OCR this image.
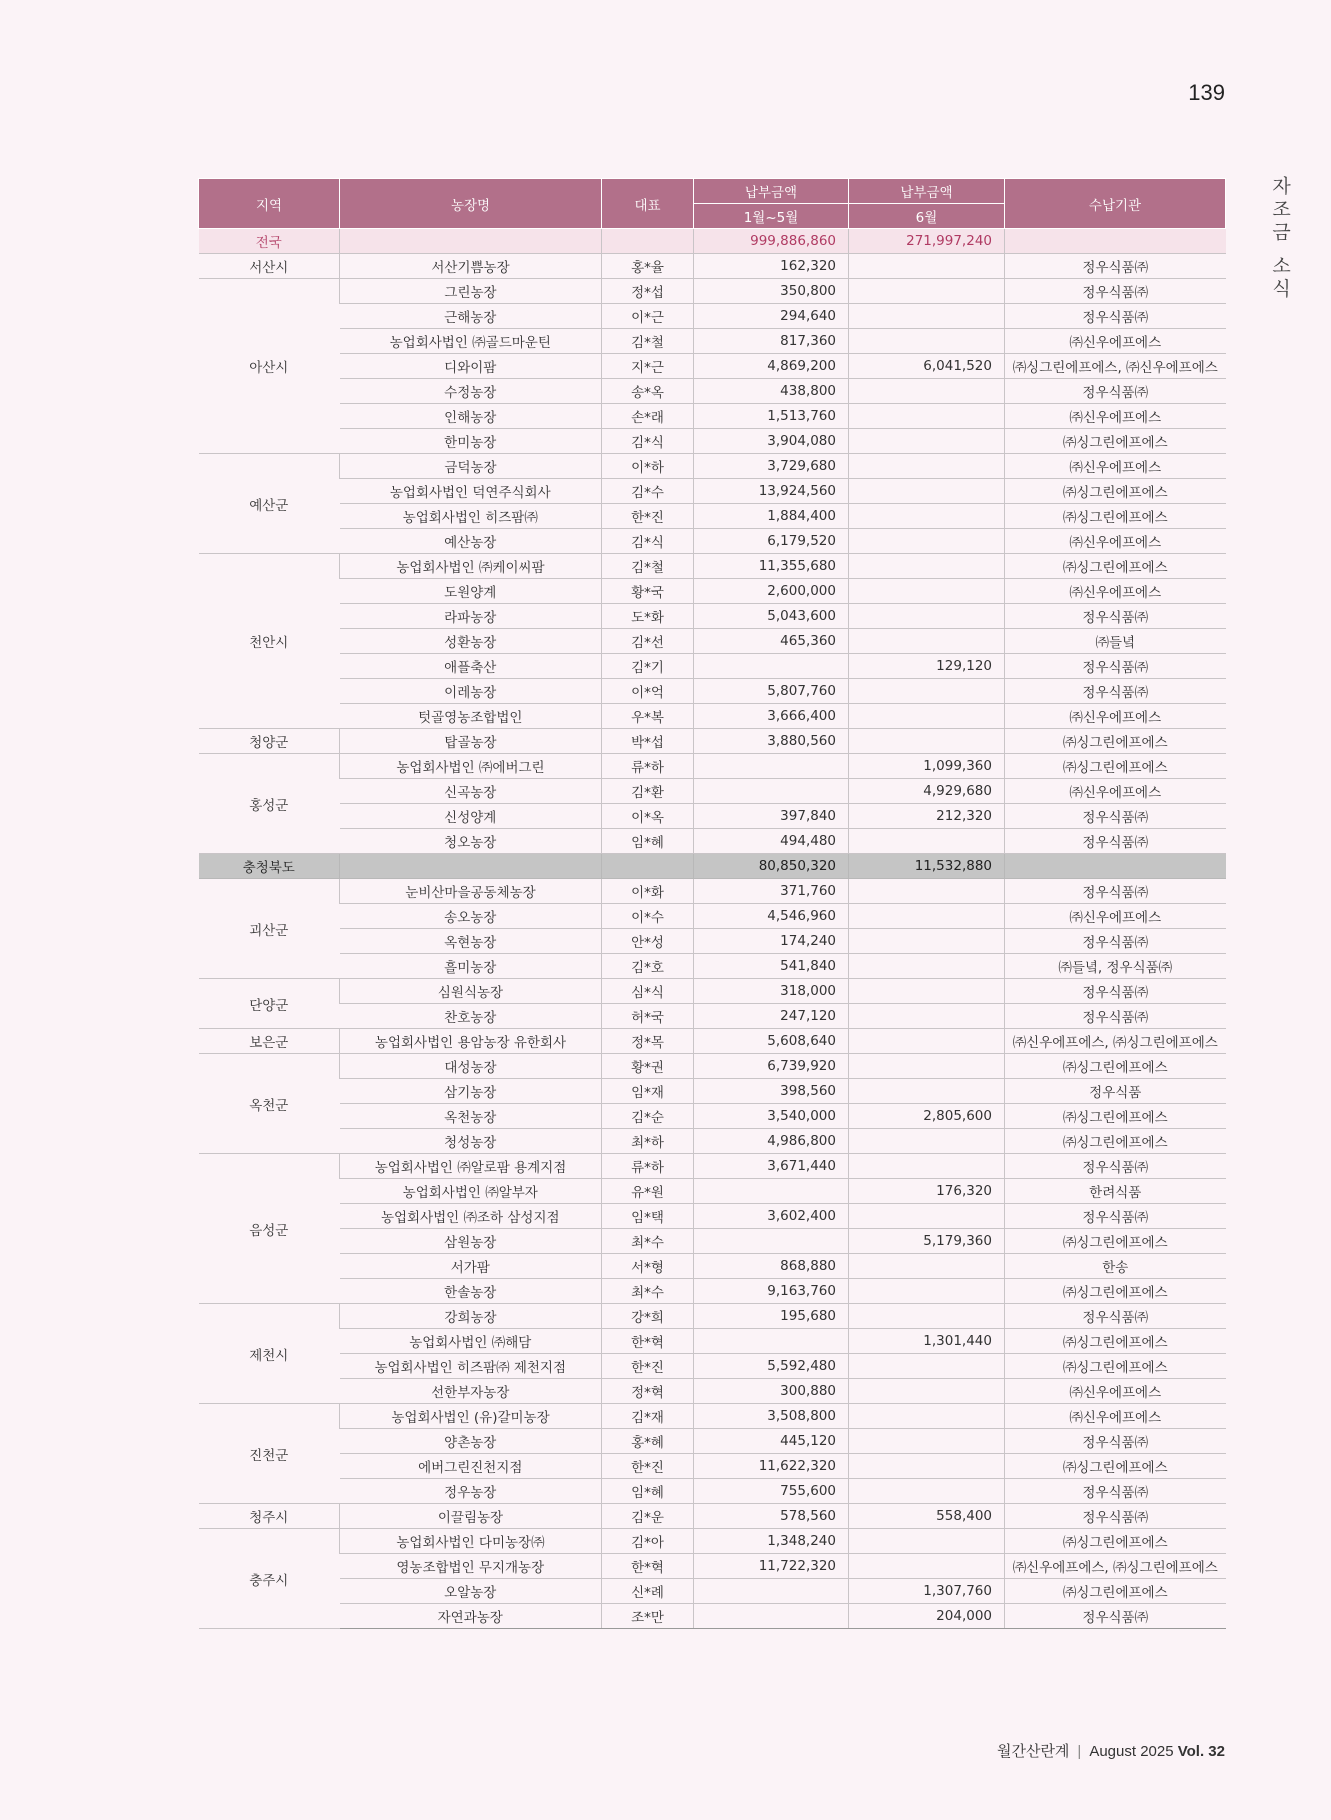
139
자조금 소식
지역	농장명	대표	납부금액	납부금액	수납기관
			1월~5월	6월	
전국			999,886,860	271,997,240	
서산시	서산기쁨농장	홍*율	162,320		정우식품㈜
아산시	그린농장	정*섭	350,800		정우식품㈜
	근해농장	이*근	294,640		정우식품㈜
	농업회사법인 ㈜골드마운틴	김*철	817,360		㈜신우에프에스
	디와이팜	지*근	4,869,200	6,041,520	㈜싱그린에프에스, ㈜신우에프에스
	수정농장	송*옥	438,800		정우식품㈜
	인해농장	손*래	1,513,760		㈜신우에프에스
	한미농장	김*식	3,904,080		㈜싱그린에프에스
예산군	금덕농장	이*하	3,729,680		㈜신우에프에스
	농업회사법인 덕연주식회사	김*수	13,924,560		㈜싱그린에프에스
	농업회사법인 히즈팜㈜	한*진	1,884,400		㈜싱그린에프에스
	예산농장	김*식	6,179,520		㈜신우에프에스
천안시	농업회사법인 ㈜케이씨팜	김*철	11,355,680		㈜싱그린에프에스
	도원양계	황*국	2,600,000		㈜신우에프에스
	라파농장	도*화	5,043,600		정우식품㈜
	성환농장	김*선	465,360		㈜들녘
	애플축산	김*기		129,120	정우식품㈜
	이레농장	이*억	5,807,760		정우식품㈜
	텃골영농조합법인	우*복	3,666,400		㈜신우에프에스
청양군	탑골농장	박*섭	3,880,560		㈜싱그린에프에스
홍성군	농업회사법인 ㈜에버그린	류*하		1,099,360	㈜싱그린에프에스
	신곡농장	김*환		4,929,680	㈜신우에프에스
	신성양계	이*옥	397,840	212,320	정우식품㈜
	청오농장	임*혜	494,480		정우식품㈜
충청북도			80,850,320	11,532,880	
괴산군	눈비산마을공동체농장	이*화	371,760		정우식품㈜
	송오농장	이*수	4,546,960		㈜신우에프에스
	옥현농장	안*성	174,240		정우식품㈜
	흘미농장	김*호	541,840		㈜들녘, 정우식품㈜
단양군	심원식농장	심*식	318,000		정우식품㈜
	찬호농장	허*국	247,120		정우식품㈜
보은군	농업회사법인 용암농장 유한회사	정*목	5,608,640		㈜신우에프에스, ㈜싱그린에프에스
옥천군	대성농장	황*권	6,739,920		㈜싱그린에프에스
	삼기농장	임*재	398,560		정우식품
	옥천농장	김*순	3,540,000	2,805,600	㈜싱그린에프에스
	청성농장	최*하	4,986,800		㈜싱그린에프에스
음성군	농업회사법인 ㈜알로팜 용계지점	류*하	3,671,440		정우식품㈜
	농업회사법인 ㈜알부자	유*원		176,320	한려식품
	농업회사법인 ㈜조하 삼성지점	임*택	3,602,400		정우식품㈜
	삼원농장	최*수		5,179,360	㈜싱그린에프에스
	서가팜	서*형	868,880		한송
	한솔농장	최*수	9,163,760		㈜싱그린에프에스
제천시	강희농장	강*희	195,680		정우식품㈜
	농업회사법인 ㈜해담	한*혁		1,301,440	㈜싱그린에프에스
	농업회사법인 히즈팜㈜ 제천지점	한*진	5,592,480		㈜싱그린에프에스
	선한부자농장	정*혁	300,880		㈜신우에프에스
진천군	농업회사법인 (유)갈미농장	김*재	3,508,800		㈜신우에프에스
	양촌농장	홍*혜	445,120		정우식품㈜
	에버그린진천지점	한*진	11,622,320		㈜싱그린에프에스
	정우농장	임*혜	755,600		정우식품㈜
청주시	이끌림농장	김*운	578,560	558,400	정우식품㈜
충주시	농업회사법인 다미농장㈜	김*아	1,348,240		㈜싱그린에프에스
	영농조합법인 무지개농장	한*혁	11,722,320		㈜신우에프에스, ㈜싱그린에프에스
	오알농장	신*례		1,307,760	㈜싱그린에프에스
	자연과농장	조*만		204,000	정우식품㈜
월간산란계 | August 2025 Vol. 32
